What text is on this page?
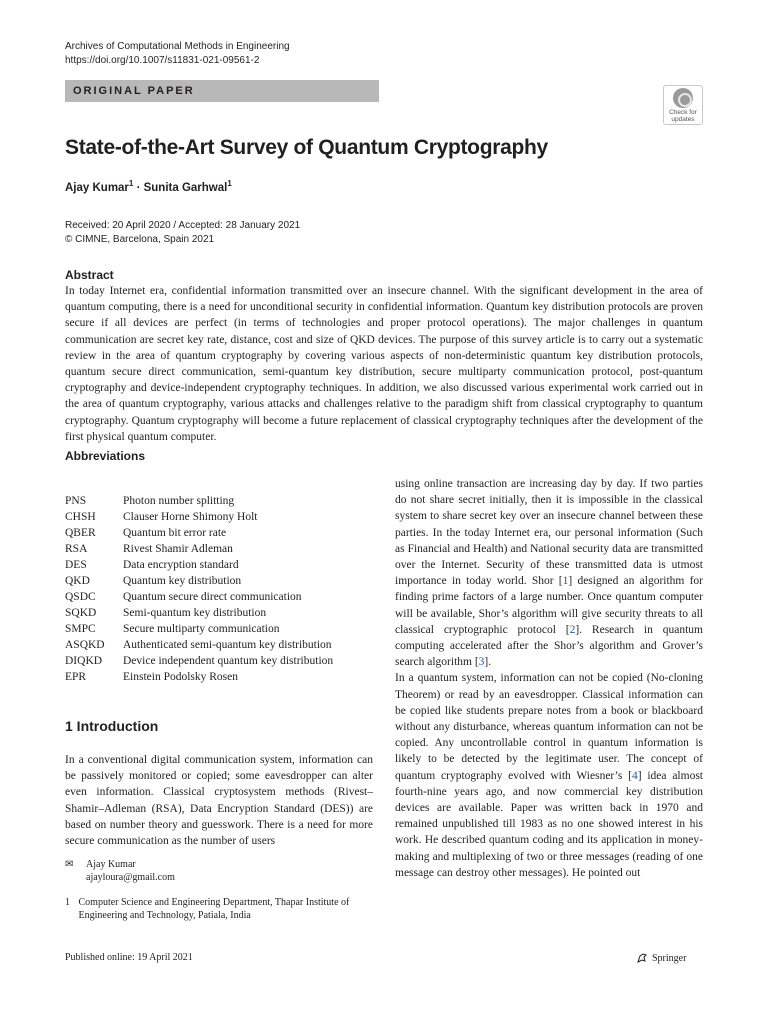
Archives of Computational Methods in Engineering
https://doi.org/10.1007/s11831-021-09561-2
ORIGINAL PAPER
Check for
updates
State-of-the-Art Survey of Quantum Cryptography
Ajay Kumar$^1$ · Sunita Garhwal$^1$
Received: 20 April 2020 / Accepted: 28 January 2021
© CIMNE, Barcelona, Spain 2021
Abstract
In today Internet era, confidential information transmitted over an insecure channel. With the significant development in the area of quantum computing, there is a need for unconditional security in confidential information. Quantum key distribution protocols are proven secure if all devices are perfect (in terms of technologies and proper protocol operations). The major challenges in quantum communication are secret key rate, distance, cost and size of QKD devices. The purpose of this survey article is to carry out a systematic review in the area of quantum cryptography by covering various aspects of non-deterministic quantum key distribution protocols, quantum secure direct communication, semi-quantum key distribution, secure multiparty communication protocol, post-quantum cryptography and device-independent cryptography techniques. In addition, we also discussed various experimental work carried out in the area of quantum cryptography, various attacks and challenges relative to the paradigm shift from classical cryptography to quantum cryptography. Quantum cryptography will become a future replacement of classical cryptography techniques after the development of the first physical quantum computer.
Abbreviations
PNS	Photon number splitting
CHSH	Clauser Horne Shimony Holt
QBER	Quantum bit error rate
RSA	Rivest Shamir Adleman
DES	Data encryption standard
QKD	Quantum key distribution
QSDC	Quantum secure direct communication
SQKD	Semi-quantum key distribution
SMPC	Secure multiparty communication
ASQKD	Authenticated semi-quantum key distribution
DIQKD	Device independent quantum key distribution
EPR	Einstein Podolsky Rosen
1 Introduction
In a conventional digital communication system, information can be passively monitored or copied; some eavesdropper can alter even information. Classical cryptosystem methods (Rivest–Shamir–Adleman (RSA), Data Encryption Standard (DES)) are based on number theory and guesswork. There is a need for more secure communication as the number of users

using online transaction are increasing day by day. If two parties do not share secret initially, then it is impossible in the classical system to share secret key over an insecure channel between these parties. In the today Internet era, our personal information (Such as Financial and Health) and National security data are transmitted over the Internet. Security of these transmitted data is utmost importance in today world. Shor [1] designed an algorithm for finding prime factors of a large number. Once quantum computer will be available, Shor’s algorithm will give security threats to all classical cryptographic protocol [2]. Research in quantum computing accelerated after the Shor’s algorithm and Grover’s search algorithm [3].

In a quantum system, information can not be copied (No-cloning Theorem) or read by an eavesdropper. Classical information can be copied like students prepare notes from a book or blackboard without any disturbance, whereas quantum information can not be copied. Any uncontrollable control in quantum information is likely to be detected by the legitimate user. The concept of quantum cryptography evolved with Wiesner’s [4] idea almost fourth-nine years ago, and now commercial key distribution devices are available. Paper was written back in 1970 and remained unpublished till 1983 as no one showed interest in his work. He described quantum coding and its application in money-making and multiplexing of two or three messages (reading of one message can destroy other messages). He pointed out

✉	Ajay Kumar
ajayloura@gmail.com
1 Computer Science and Engineering Department, Thapar Institute of Engineering and Technology, Patiala, India
Published online: 19 April 2021	Springer
